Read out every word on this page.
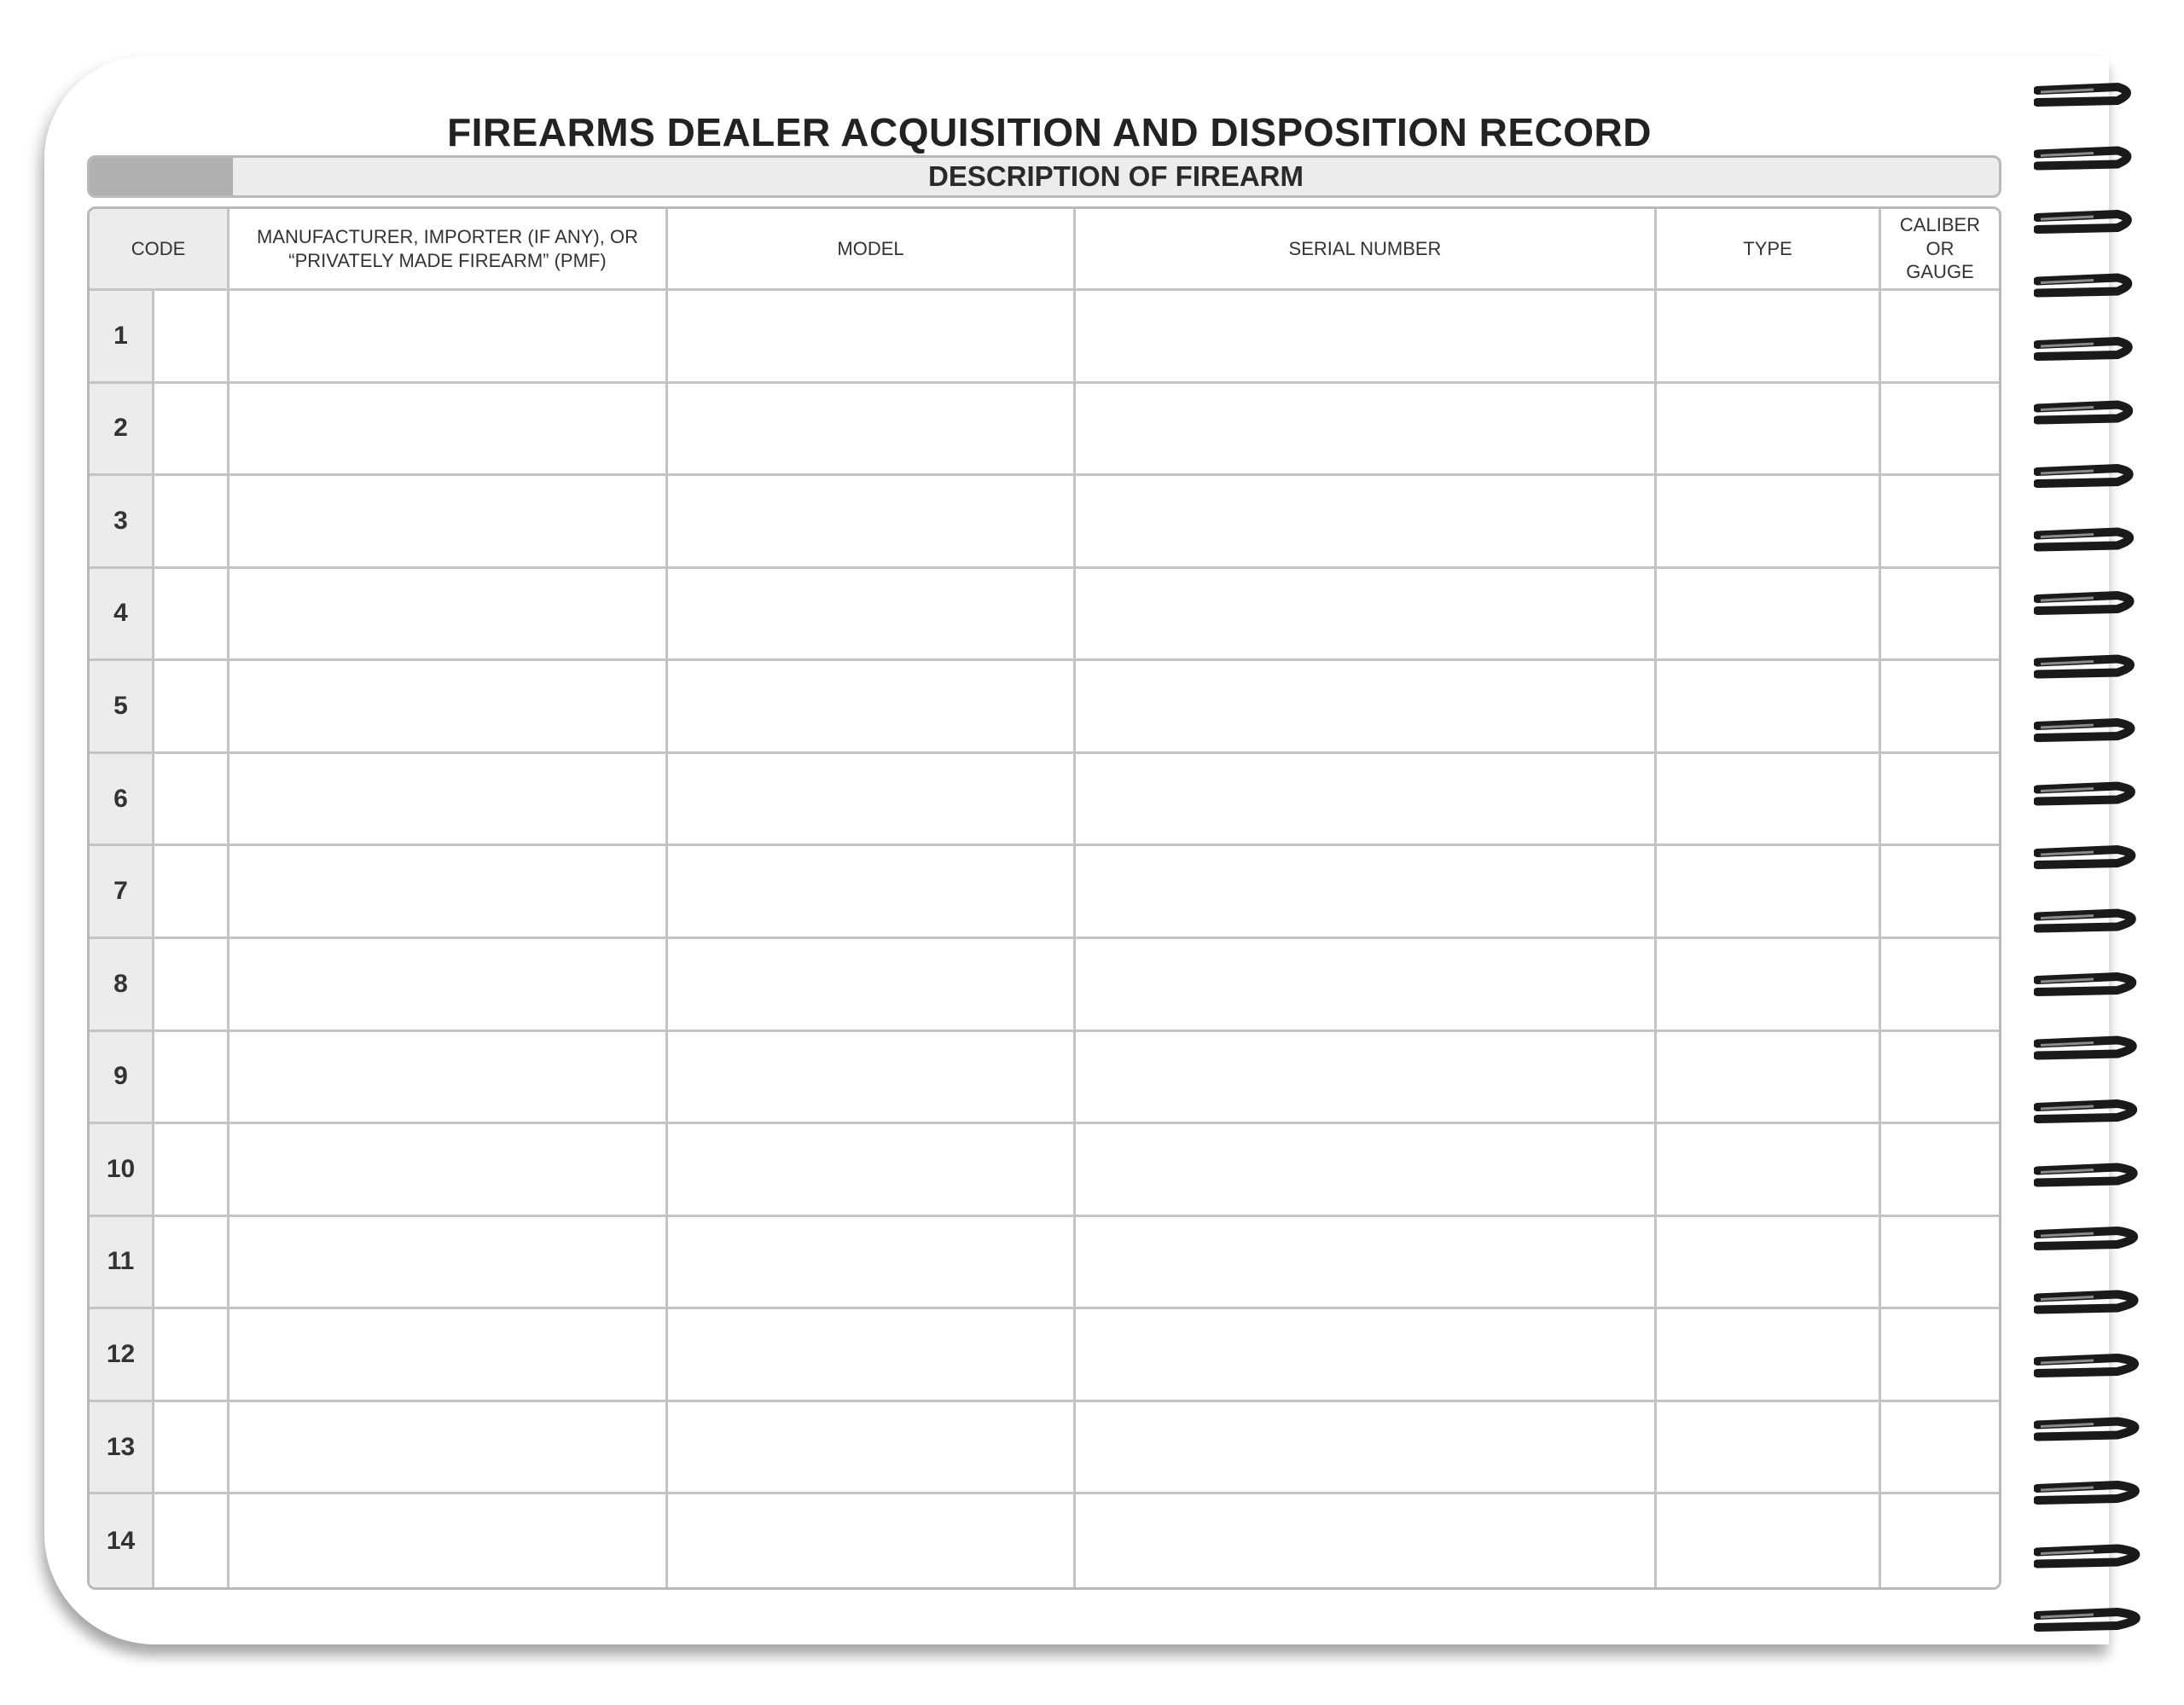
FIREARMS DEALER ACQUISITION AND DISPOSITION RECORD
DESCRIPTION OF FIREARM
CODE
MANUFACTURER, IMPORTER (IF ANY), OR
“PRIVATELY MADE FIREARM” (PMF)
MODEL	SERIAL NUMBER	TYPE
CALIBER
OR
GAUGE
1
2
3
4
5
6
7
8
9
10
11
12
13
14
